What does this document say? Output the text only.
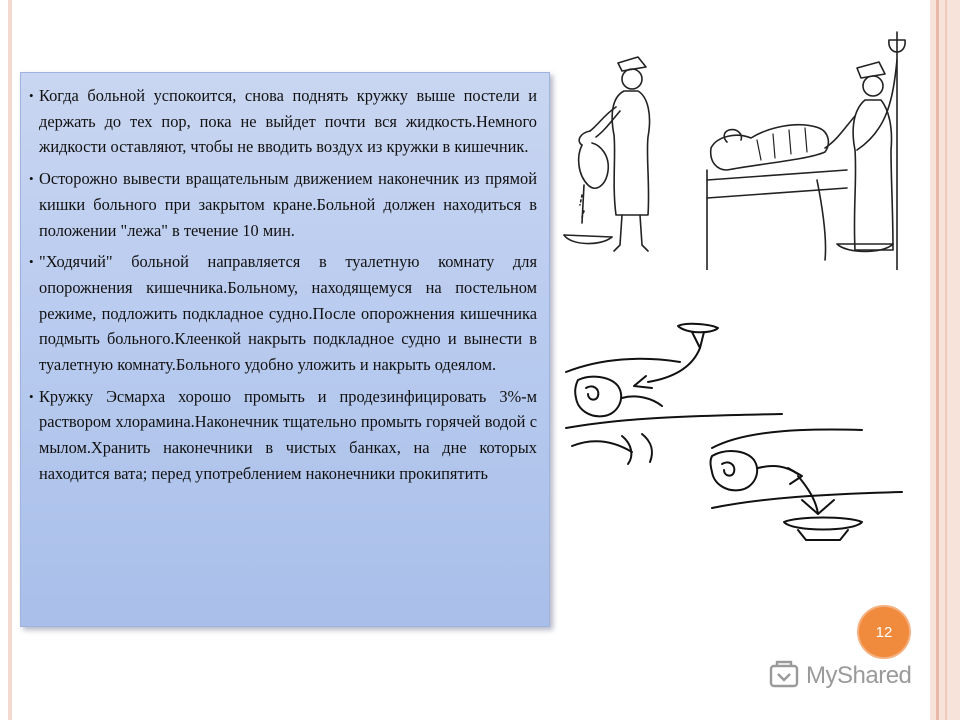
• Когда больной успокоится, снова поднять кружку выше постели и держать до тех пор, пока не выйдет почти вся жидкость.Немного жидкости оставляют, чтобы не вводить воздух из кружки в кишечник.

• Осторожно вывести вращательным движением наконечник из прямой кишки больного при закрытом кране.Больной должен находиться в положении "лежа" в течение 10 мин.

• "Ходячий" больной направляется в туалетную комнату для опорожнения кишечника.Больному, находящемуся на постельном режиме, подложить подкладное судно.После опорожнения кишечника подмыть больного.Клеенкой накрыть подкладное судно и вынести в туалетную комнату.Больного удобно уложить и накрыть одеялом.

• Кружку Эсмарха хорошо промыть и продезинфицировать 3%-м раствором хлорамина.Наконечник тщательно промыть горячей водой с мылом.Хранить наконечники в чистых банках, на дне которых находится вата; перед употреблением наконечники прокипятить

12
MyShared
